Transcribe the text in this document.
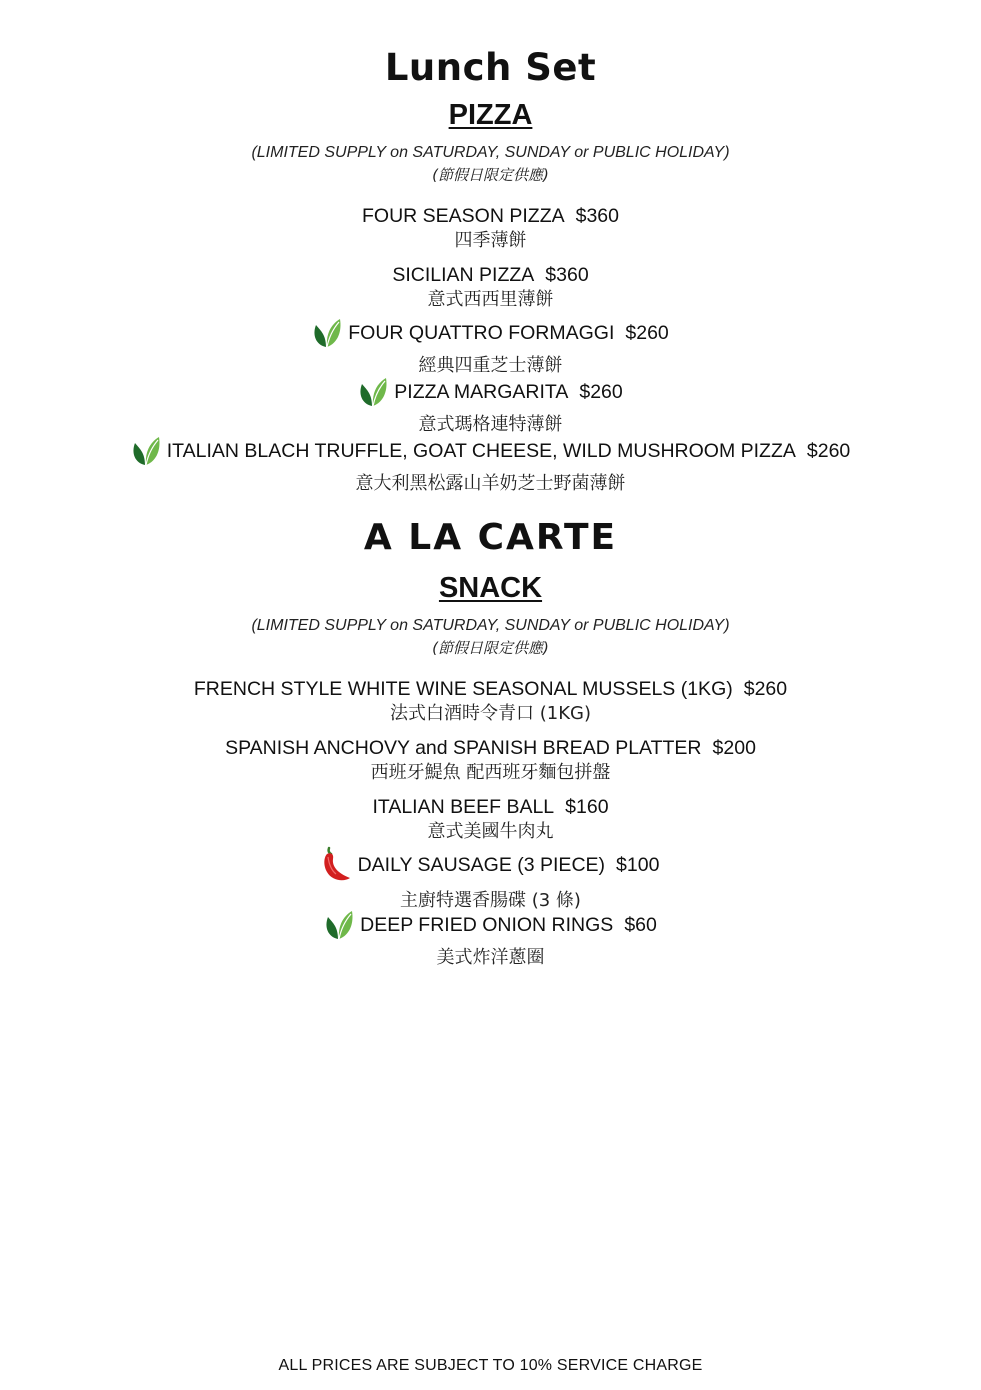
Lunch Set
PIZZA
(LIMITED SUPPLY on SATURDAY, SUNDAY or PUBLIC HOLIDAY)
(節假日限定供應)
FOUR SEASON PIZZA $360
四季薄餅
SICILIAN PIZZA $360
意式西西里薄餅
FOUR QUATTRO FORMAGGI $260
經典四重芝士薄餅
PIZZA MARGARITA $260
意式瑪格連特薄餅
ITALIAN BLACH TRUFFLE, GOAT CHEESE, WILD MUSHROOM PIZZA $260
意大利黑松露山羊奶芝士野菌薄餅
A LA CARTE
SNACK
(LIMITED SUPPLY on SATURDAY, SUNDAY or PUBLIC HOLIDAY)
(節假日限定供應)
FRENCH STYLE WHITE WINE SEASONAL MUSSELS (1KG) $260
法式白酒時令青口 (1KG)
SPANISH ANCHOVY and SPANISH BREAD PLATTER $200
西班牙鯷魚 配西班牙麵包拼盤
ITALIAN BEEF BALL $160
意式美國牛肉丸
DAILY SAUSAGE (3 PIECE) $100
主廚特選香腸碟 (3 條)
DEEP FRIED ONION RINGS $60
美式炸洋蔥圈
ALL PRICES ARE SUBJECT TO 10% SERVICE CHARGE
